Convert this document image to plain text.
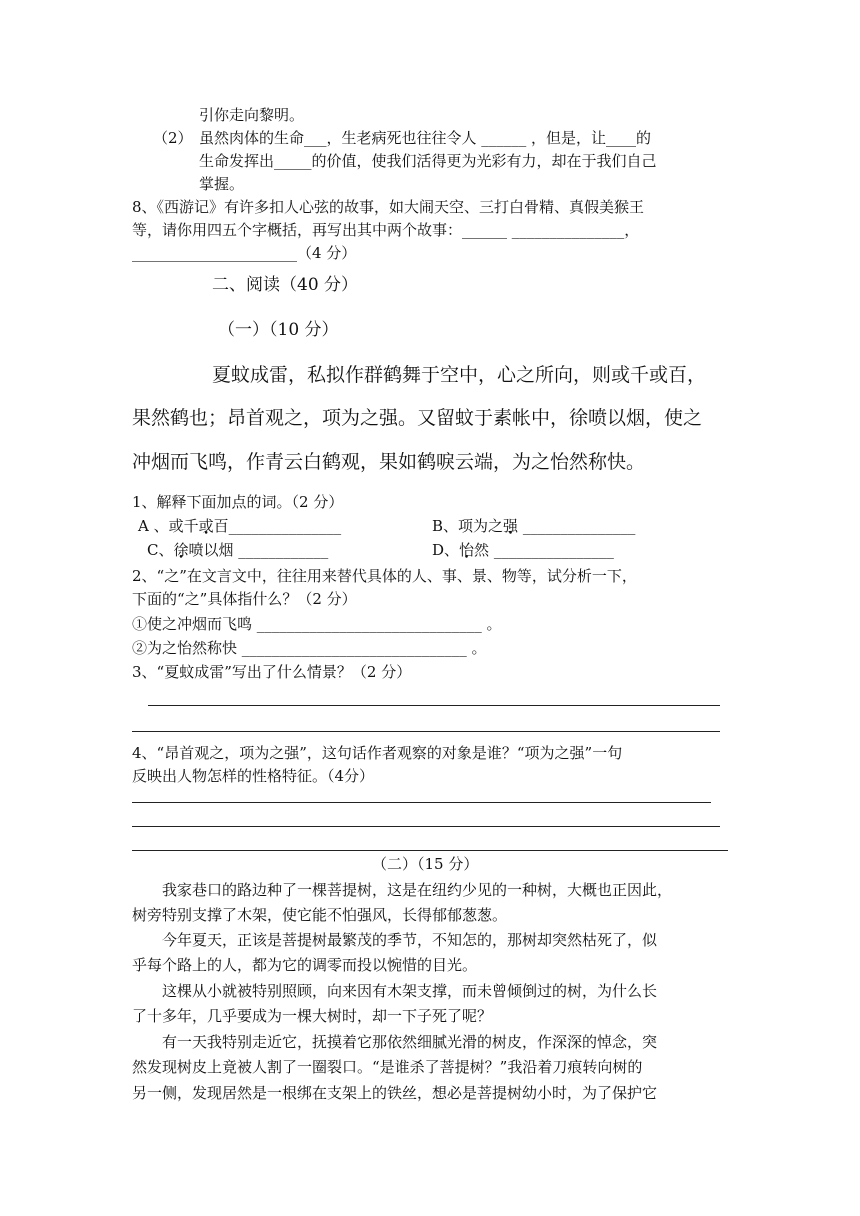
引你走向黎明。
（2） 虽然肉体的生命___，生老病死也往往令人 ______ ，但是，让____的
生命发挥出_____的价值，使我们活得更为光彩有力，却在于我们自己
掌握。
8、《西游记》有许多扣人心弦的故事，如大闹天空、三打白骨精、真假美猴王
等，请你用四五个字概括，再写出其中两个故事：______ _______________，
______________________（4 分）
二、阅读（40 分）
（一）（10 分）
夏蚊成雷，私拟作群鹤舞于空中，心之所向，则或千或百，
果然鹤也；昂首观之，项为之强。又留蚊于素帐中，徐喷以烟，使之
冲烟而飞鸣，作青云白鹤观，果如鹤唳云端，为之怡然称快。
1、解释下面加点的词。（2 分）
A 、或千或百_______________	B、项为之强 _______________
C、徐喷以烟 ____________	D、怡然 ________________
2、“之”在文言文中，往往用来替代具体的人、事、景、物等，试分析一下，
下面的“之”具体指什么？（2 分）
①使之冲烟而飞鸣 ______________________________ 。
②为之怡然称快 ______________________________ 。
3、“夏蚊成雷”写出了什么情景？（2 分）
4、“昂首观之，项为之强”，这句话作者观察的对象是谁？“项为之强”一句
反映出人物怎样的性格特征。（4分）
（二）（15 分）
我家巷口的路边种了一棵菩提树，这是在纽约少见的一种树，大概也正因此，
树旁特别支撑了木架，使它能不怕强风，长得郁郁葱葱。
今年夏天，正该是菩提树最繁茂的季节，不知怎的，那树却突然枯死了，似
乎每个路上的人，都为它的调零而投以惋惜的目光。
这棵从小就被特别照顾，向来因有木架支撑，而未曾倾倒过的树，为什么长
了十多年，几乎要成为一棵大树时，却一下子死了呢？
有一天我特别走近它，抚摸着它那依然细腻光滑的树皮，作深深的悼念，突
然发现树皮上竟被人割了一圈裂口。“是谁杀了菩提树？”我沿着刀痕转向树的
另一侧，发现居然是一根绑在支架上的铁丝，想必是菩提树幼小时，为了保护它
